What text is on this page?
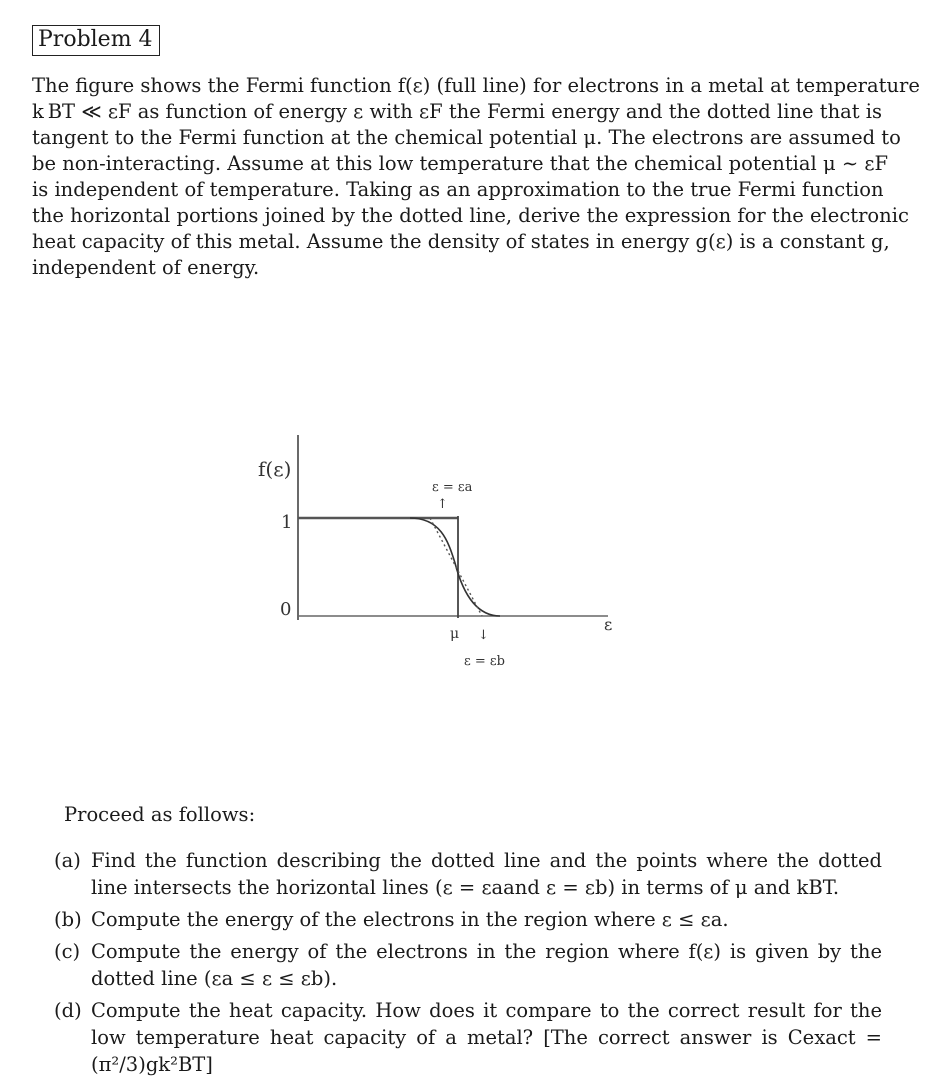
Problem 4
The figure shows the Fermi function f(ε) (full line) for electrons in a metal at temperature
k BT ≪ εF as function of energy ε with εF the Fermi energy and the dotted line that is
tangent to the Fermi function at the chemical potential μ. The electrons are assumed to
be non-interacting. Assume at this low temperature that the chemical potential μ ∼ εF
is independent of temperature. Taking as an approximation to the true Fermi function
the horizontal portions joined by the dotted line, derive the expression for the electronic
heat capacity of this metal. Assume the density of states in energy g(ε) is a constant g,
independent of energy.
f(ε)
1
0
ε
ε = εa
↑
μ ↓
ε = εb

Proceed as follows:

(a) Find the function describing the dotted line and the points where the dotted line intersects the horizontal lines (ε = εaand ε = εb) in terms of μ and kBT.
(b) Compute the energy of the electrons in the region where ε ≤ εa.
(c) Compute the energy of the electrons in the region where f(ε) is given by the dotted line (εa ≤ ε ≤ εb).
(d) Compute the heat capacity. How does it compare to the correct result for the low temperature heat capacity of a metal? [The correct answer is Cexact = (π²/3)gk²BT]
